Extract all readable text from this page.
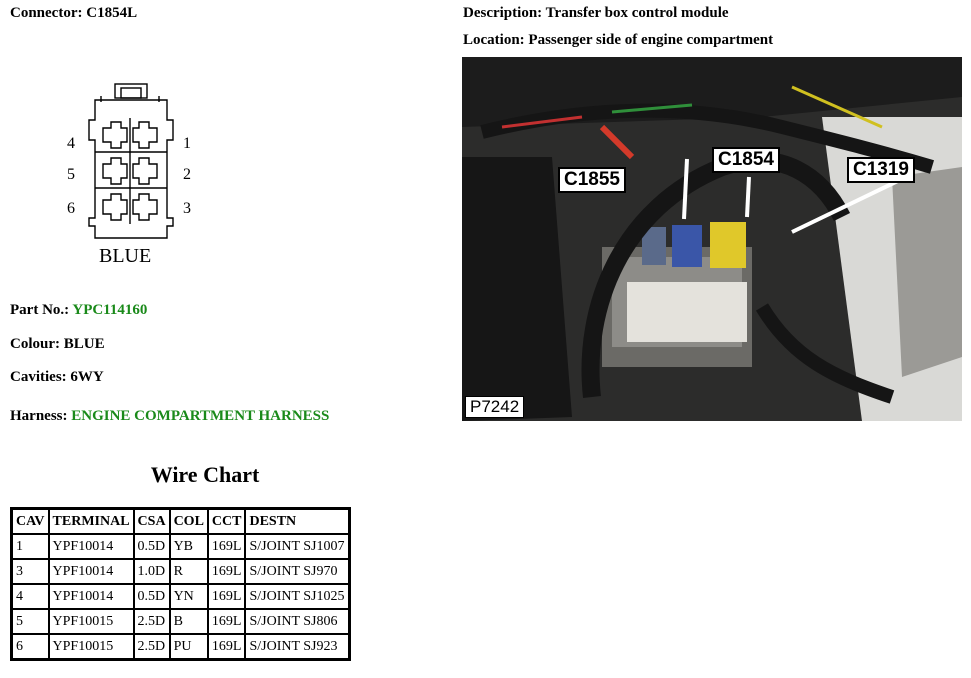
Connector: C1854L	Description: Transfer box control module
Location: Passenger side of engine compartment
4
5
6
1
2
3
BLUE
C1855
C1854	C1319
P7242
Part No.: YPC114160
Colour: BLUE
Cavities: 6WY
Harness: ENGINE COMPARTMENT HARNESS
Wire Chart
CAV	TERMINAL	CSA	COL	CCT	DESTN
1	YPF10014	0.5D	YB	169L	S/JOINT SJ1007
3	YPF10014	1.0D	R	169L	S/JOINT SJ970
4	YPF10014	0.5D	YN	169L	S/JOINT SJ1025
5	YPF10015	2.5D	B	169L	S/JOINT SJ806
6	YPF10015	2.5D	PU	169L	S/JOINT SJ923
